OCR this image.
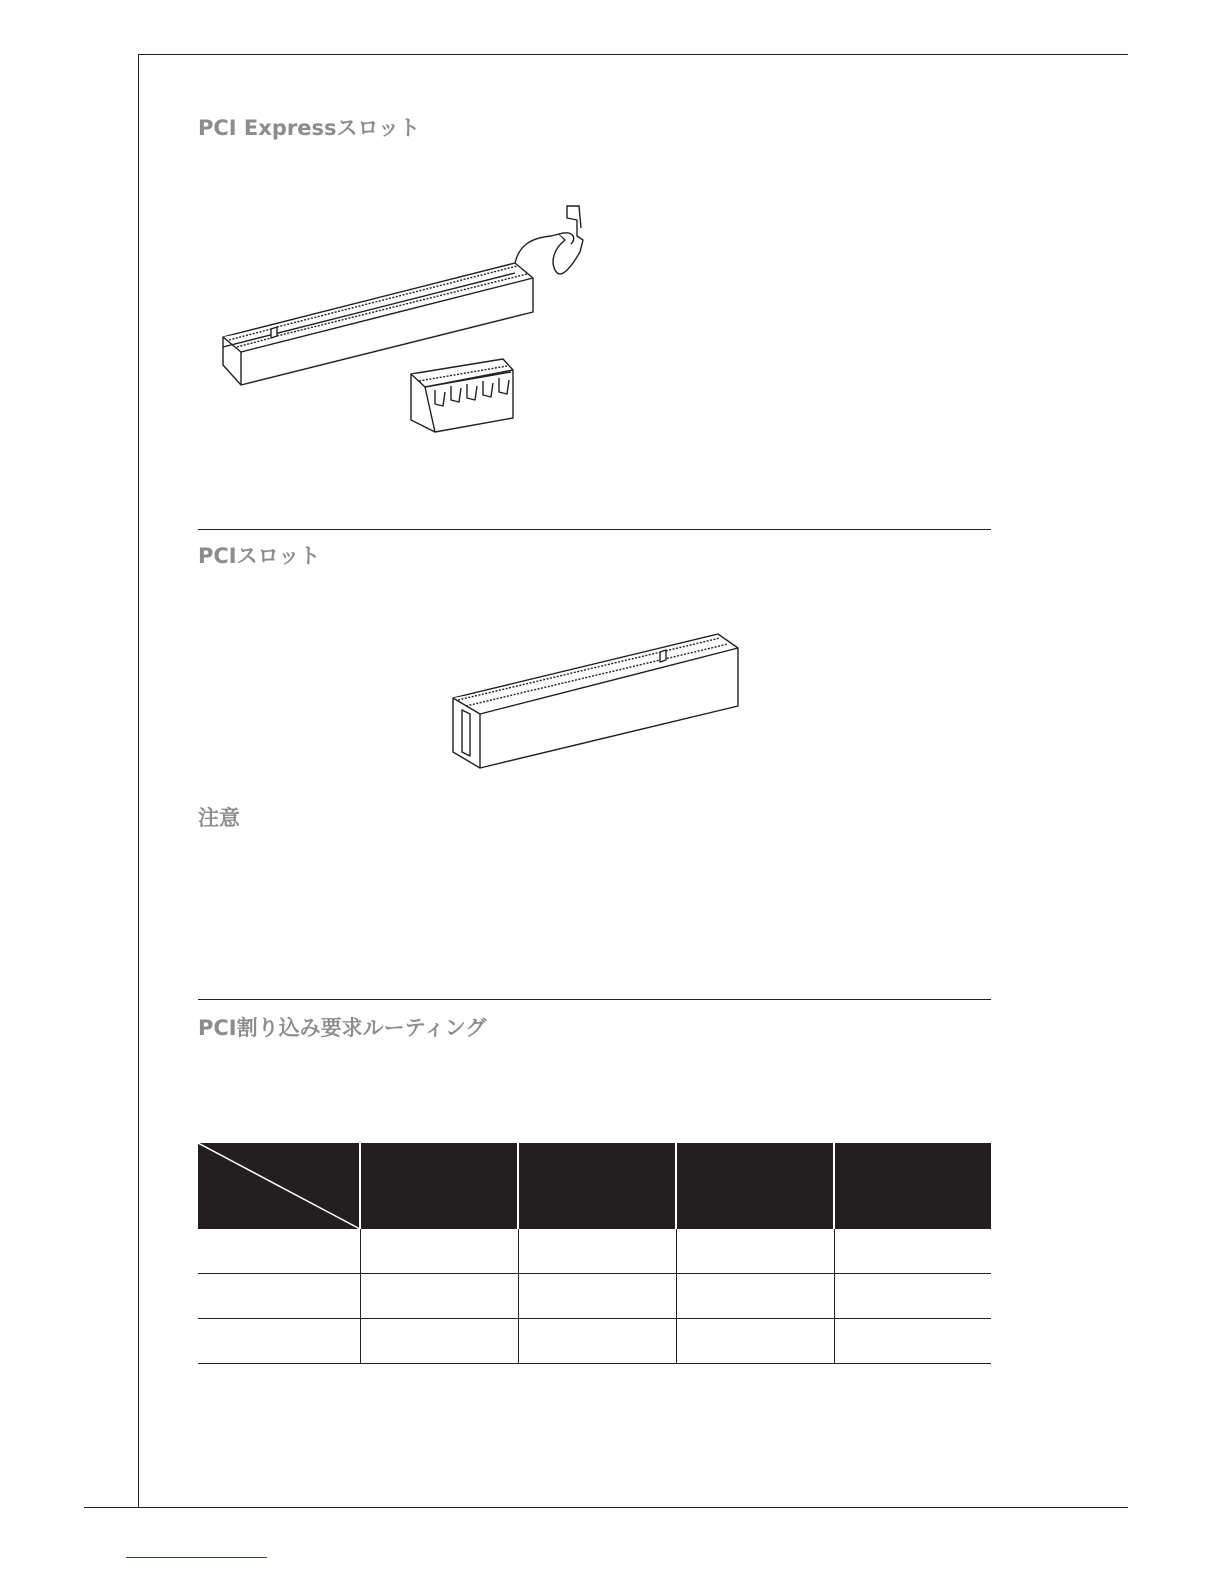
PCI Expressスロット
PCIスロット
注意
PCI割り込み要求ルーティング
